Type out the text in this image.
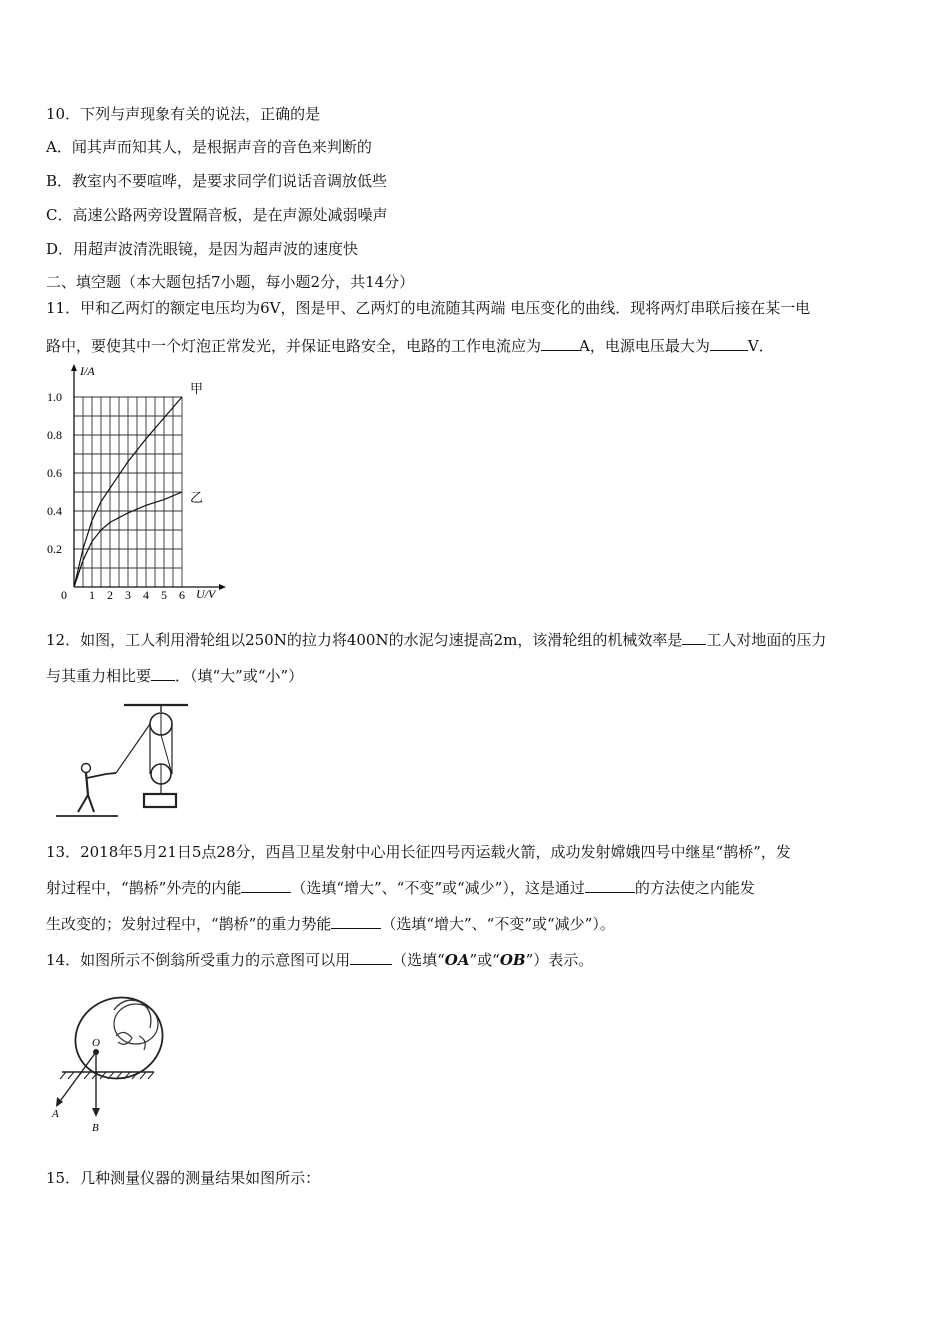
10．下列与声现象有关的说法，正确的是
A．闻其声而知其人，是根据声音的音色来判断的
B．教室内不要喧哗，是要求同学们说话音调放低些
C．高速公路两旁设置隔音板，是在声源处减弱噪声
D．用超声波清洗眼镜，是因为超声波的速度快
二、填空题（本大题包括7小题，每小题2分，共14分）
11．甲和乙两灯的额定电压均为6V，图是甲、乙两灯的电流随其两端 电压变化的曲线．现将两灯串联后接在某一电
路中，要使其中一个灯泡正常发光，并保证电路安全，电路的工作电流应为	A，电源电压最大为	V．
I/A
U/V
0 1 2 3 4 5 6
0.2
0.4
0.6
0.8
1.0
甲
乙
12．如图，工人利用滑轮组以250N的拉力将400N的水泥匀速提高2m，该滑轮组的机械效率是 工人对地面的压力
与其重力相比要 ．（填“大”或“小”）
13．2018年5月21日5点28分，西昌卫星发射中心用长征四号丙运载火箭，成功发射嫦娥四号中继星“鹊桥”，发
射过程中，“鹊桥”外壳的内能	（选填“增大”、“不变”或“减少”），这是通过	的方法使之内能发
生改变的；发射过程中，“鹊桥”的重力势能	（选填“增大”、“不变”或“减少”）。
14．如图所示不倒翁所受重力的示意图可以用	（选填“OA”或“OB”）表示。
O
A
B
15．几种测量仪器的测量结果如图所示：
